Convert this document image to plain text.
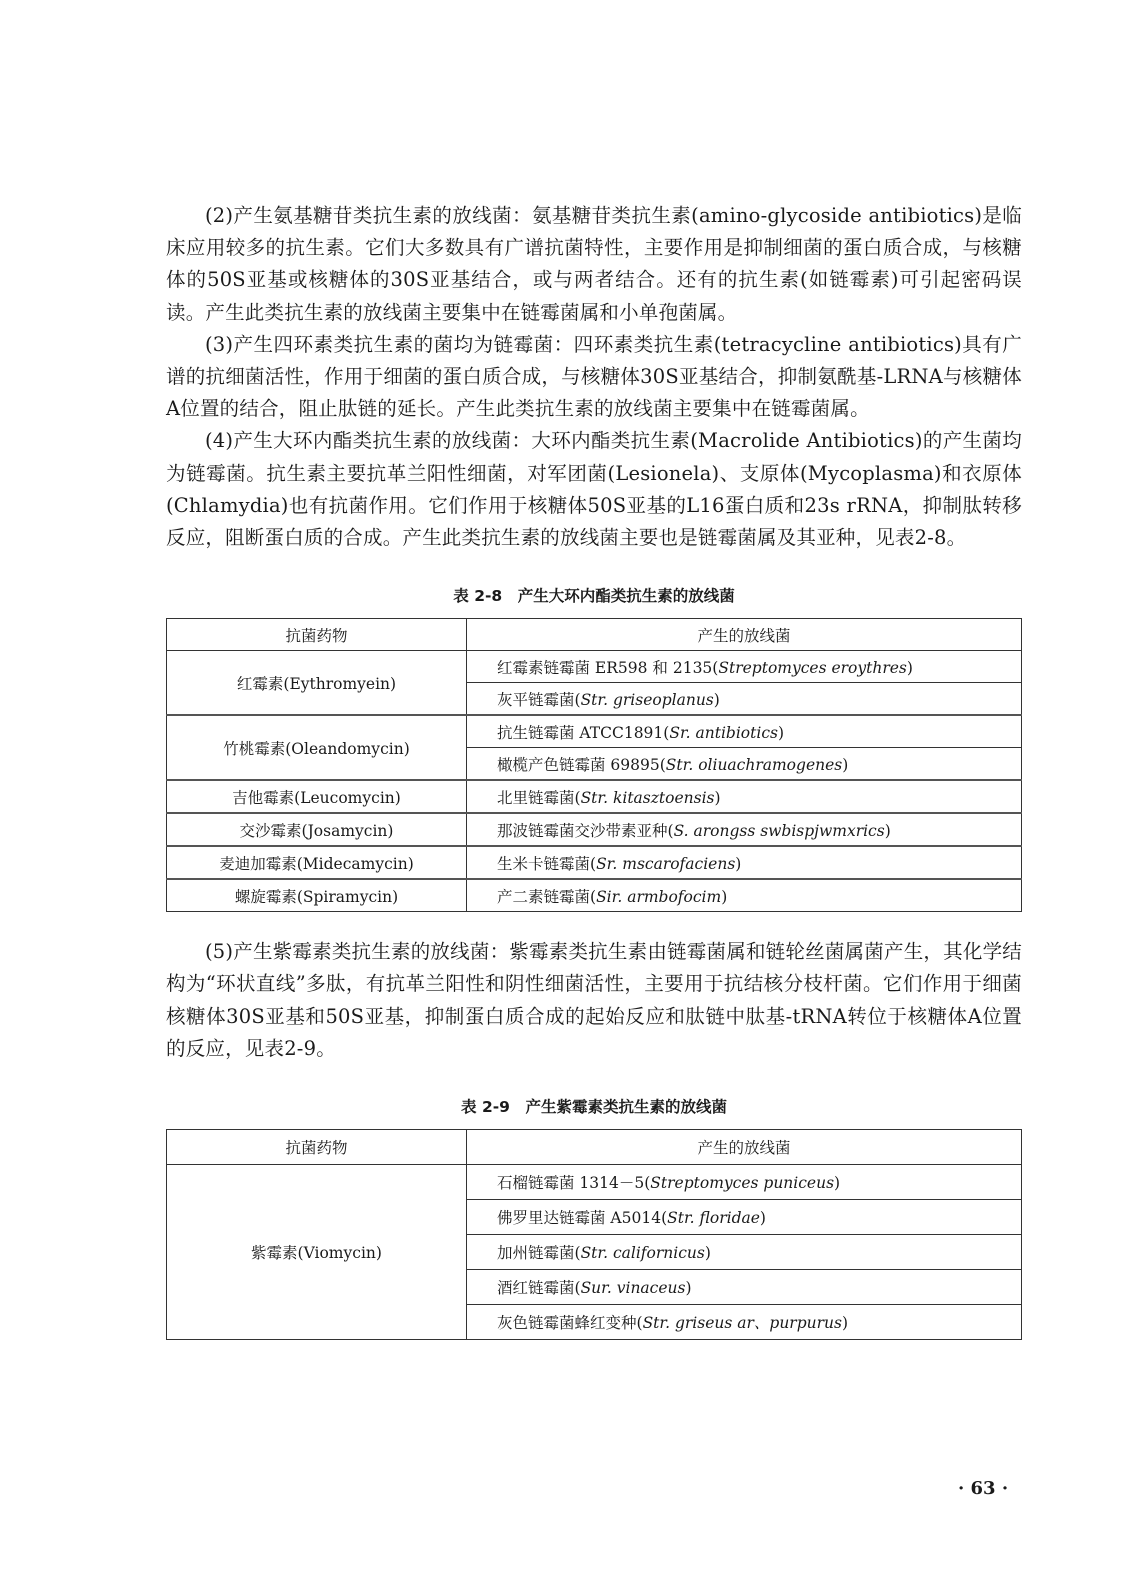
(2)产生氨基糖苷类抗生素的放线菌：氨基糖苷类抗生素(amino-glycoside antibiotics)是临床应用较多的抗生素。它们大多数具有广谱抗菌特性，主要作用是抑制细菌的蛋白质合成，与核糖体的50S亚基或核糖体的30S亚基结合，或与两者结合。还有的抗生素(如链霉素)可引起密码误读。产生此类抗生素的放线菌主要集中在链霉菌属和小单孢菌属。

(3)产生四环素类抗生素的菌均为链霉菌：四环素类抗生素(tetracycline antibiotics)具有广谱的抗细菌活性，作用于细菌的蛋白质合成，与核糖体30S亚基结合，抑制氨酰基-LRNA与核糖体A位置的结合，阻止肽链的延长。产生此类抗生素的放线菌主要集中在链霉菌属。

(4)产生大环内酯类抗生素的放线菌：大环内酯类抗生素(Macrolide Antibiotics)的产生菌均为链霉菌。抗生素主要抗革兰阳性细菌，对军团菌(Lesionela)、支原体(Mycoplasma)和衣原体(Chlamydia)也有抗菌作用。它们作用于核糖体50S亚基的L16蛋白质和23s rRNA，抑制肽转移反应，阻断蛋白质的合成。产生此类抗生素的放线菌主要也是链霉菌属及其亚种，见表2-8。

表 2-8　产生大环内酯类抗生素的放线菌

抗菌药物	产生的放线菌
红霉素(Eythromyein)	红霉素链霉菌 ER598 和 2135(Streptomyces eroythres)
	灰平链霉菌(Str. griseoplanus)
竹桃霉素(Oleandomycin)	抗生链霉菌 ATCC1891(Sr. antibiotics)
	橄榄产色链霉菌 69895(Str. oliuachramogenes)
吉他霉素(Leucomycin)	北里链霉菌(Str. kitasztoensis)
交沙霉素(Josamycin)	那波链霉菌交沙带素亚种(S. arongss swbispjwmxrics)
麦迪加霉素(Midecamycin)	生米卡链霉菌(Sr. mscarofaciens)
螺旋霉素(Spiramycin)	产二素链霉菌(Sir. armbofocim)

(5)产生紫霉素类抗生素的放线菌：紫霉素类抗生素由链霉菌属和链轮丝菌属菌产生，其化学结构为“环状直线”多肽，有抗革兰阳性和阴性细菌活性，主要用于抗结核分枝杆菌。它们作用于细菌核糖体30S亚基和50S亚基，抑制蛋白质合成的起始反应和肽链中肽基-tRNA转位于核糖体A位置的反应，见表2-9。

表 2-9　产生紫霉素类抗生素的放线菌

抗菌药物	产生的放线菌
紫霉素(Viomycin)	石榴链霉菌 1314－5(Streptomyces puniceus)
	佛罗里达链霉菌 A5014(Str. floridae)
	加州链霉菌(Str. californicus)
	酒红链霉菌(Sur. vinaceus)
	灰色链霉菌蜂红变种(Str. griseus ar、purpurus)
· 63 ·
